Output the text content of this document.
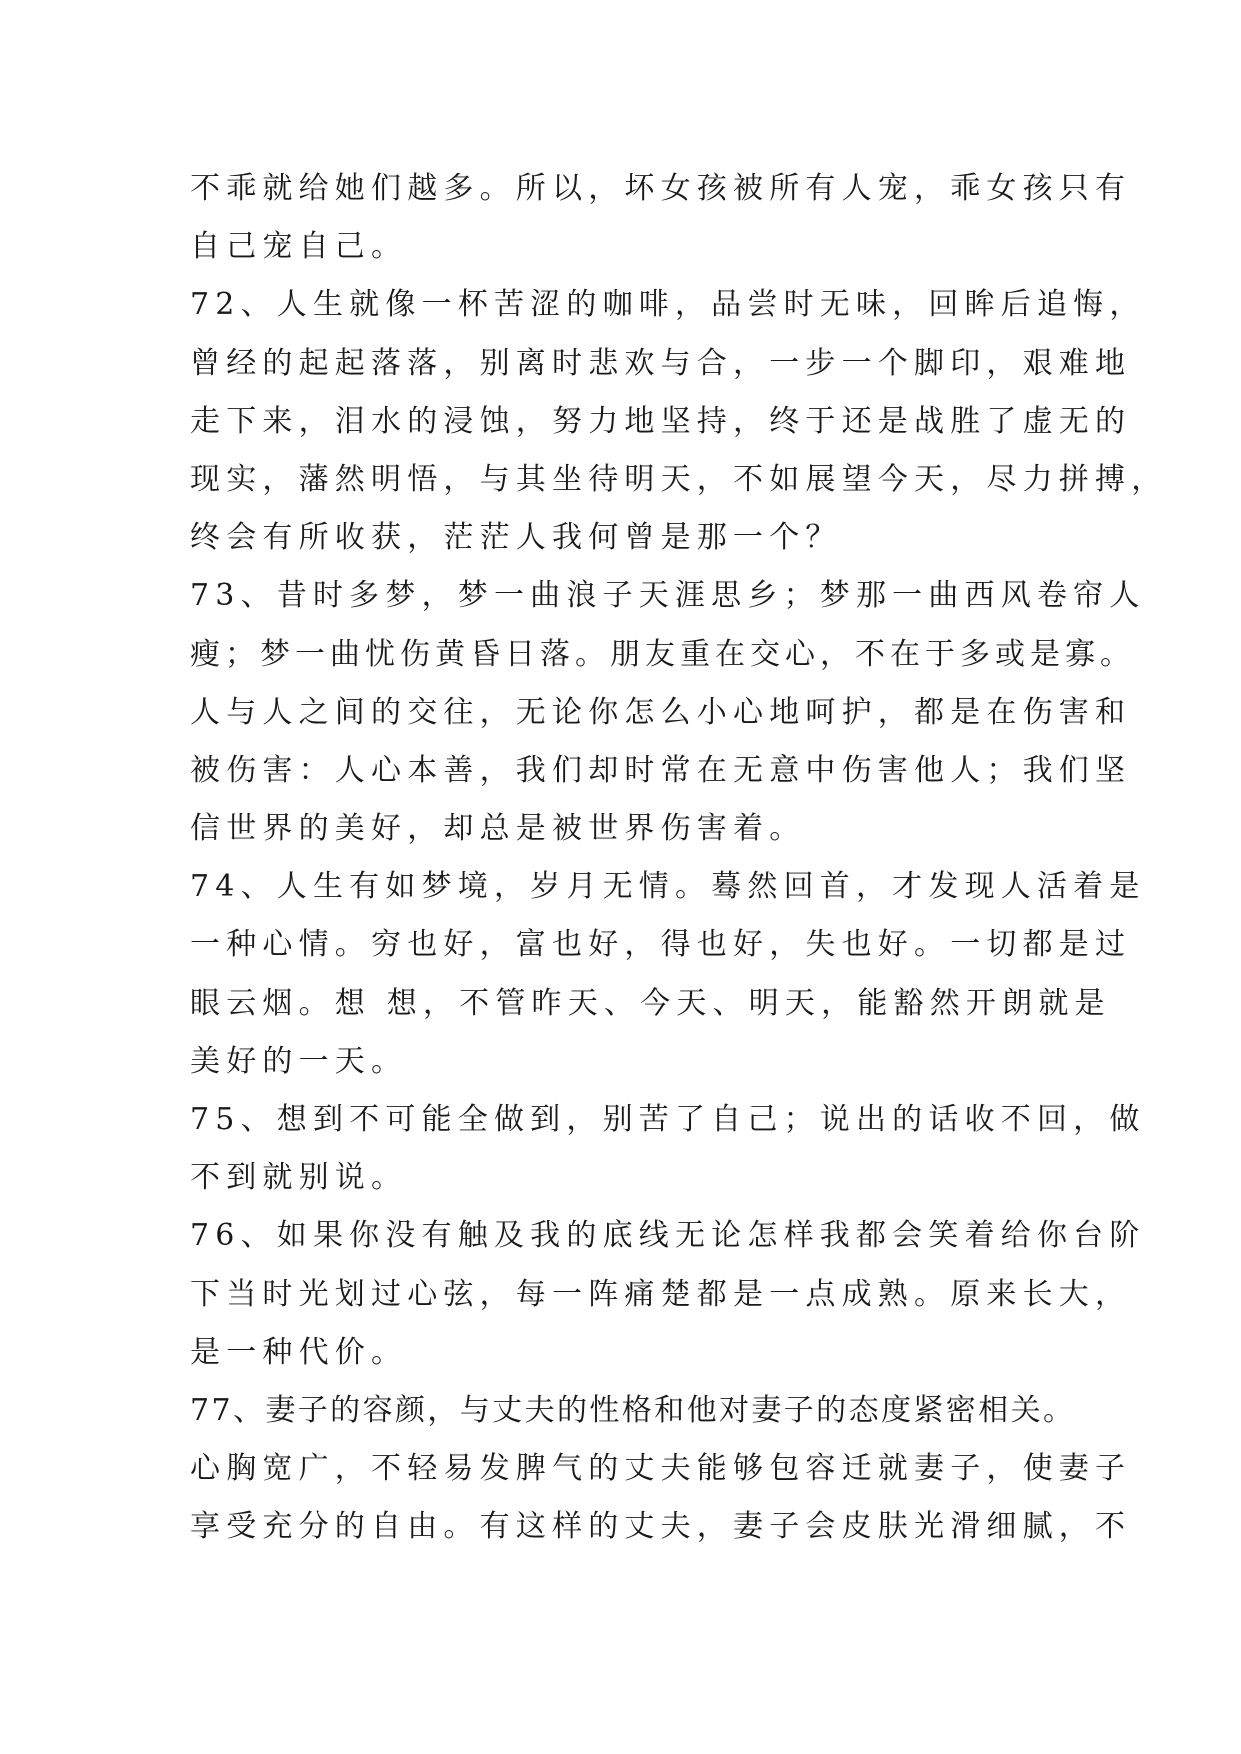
不乖就给她们越多。所以，坏女孩被所有人宠，乖女孩只有
自己宠自己。
72、人生就像一杯苦涩的咖啡，品尝时无味，回眸后追悔，
曾经的起起落落，别离时悲欢与合，一步一个脚印，艰难地
走下来，泪水的浸蚀，努力地坚持，终于还是战胜了虚无的
现实，藩然明悟，与其坐待明天，不如展望今天，尽力拼搏，
终会有所收获，茫茫人我何曾是那一个？
73、昔时多梦，梦一曲浪子天涯思乡；梦那一曲西风卷帘人
瘦；梦一曲忧伤黄昏日落。朋友重在交心，不在于多或是寡。
人与人之间的交往，无论你怎么小心地呵护，都是在伤害和
被伤害：人心本善，我们却时常在无意中伤害他人；我们坚
信世界的美好，却总是被世界伤害着。
74、人生有如梦境，岁月无情。蓦然回首，才发现人活着是
一种心情。穷也好，富也好，得也好，失也好。一切都是过
眼云烟。想 想，不管昨天、今天、明天，能豁然开朗就是
美好的一天。
75、想到不可能全做到，别苦了自己；说出的话收不回，做
不到就别说。
76、如果你没有触及我的底线无论怎样我都会笑着给你台阶
下当时光划过心弦，每一阵痛楚都是一点成熟。原来长大，
是一种代价。
77、妻子的容颜，与丈夫的性格和他对妻子的态度紧密相关。
心胸宽广，不轻易发脾气的丈夫能够包容迁就妻子，使妻子
享受充分的自由。有这样的丈夫，妻子会皮肤光滑细腻，不
